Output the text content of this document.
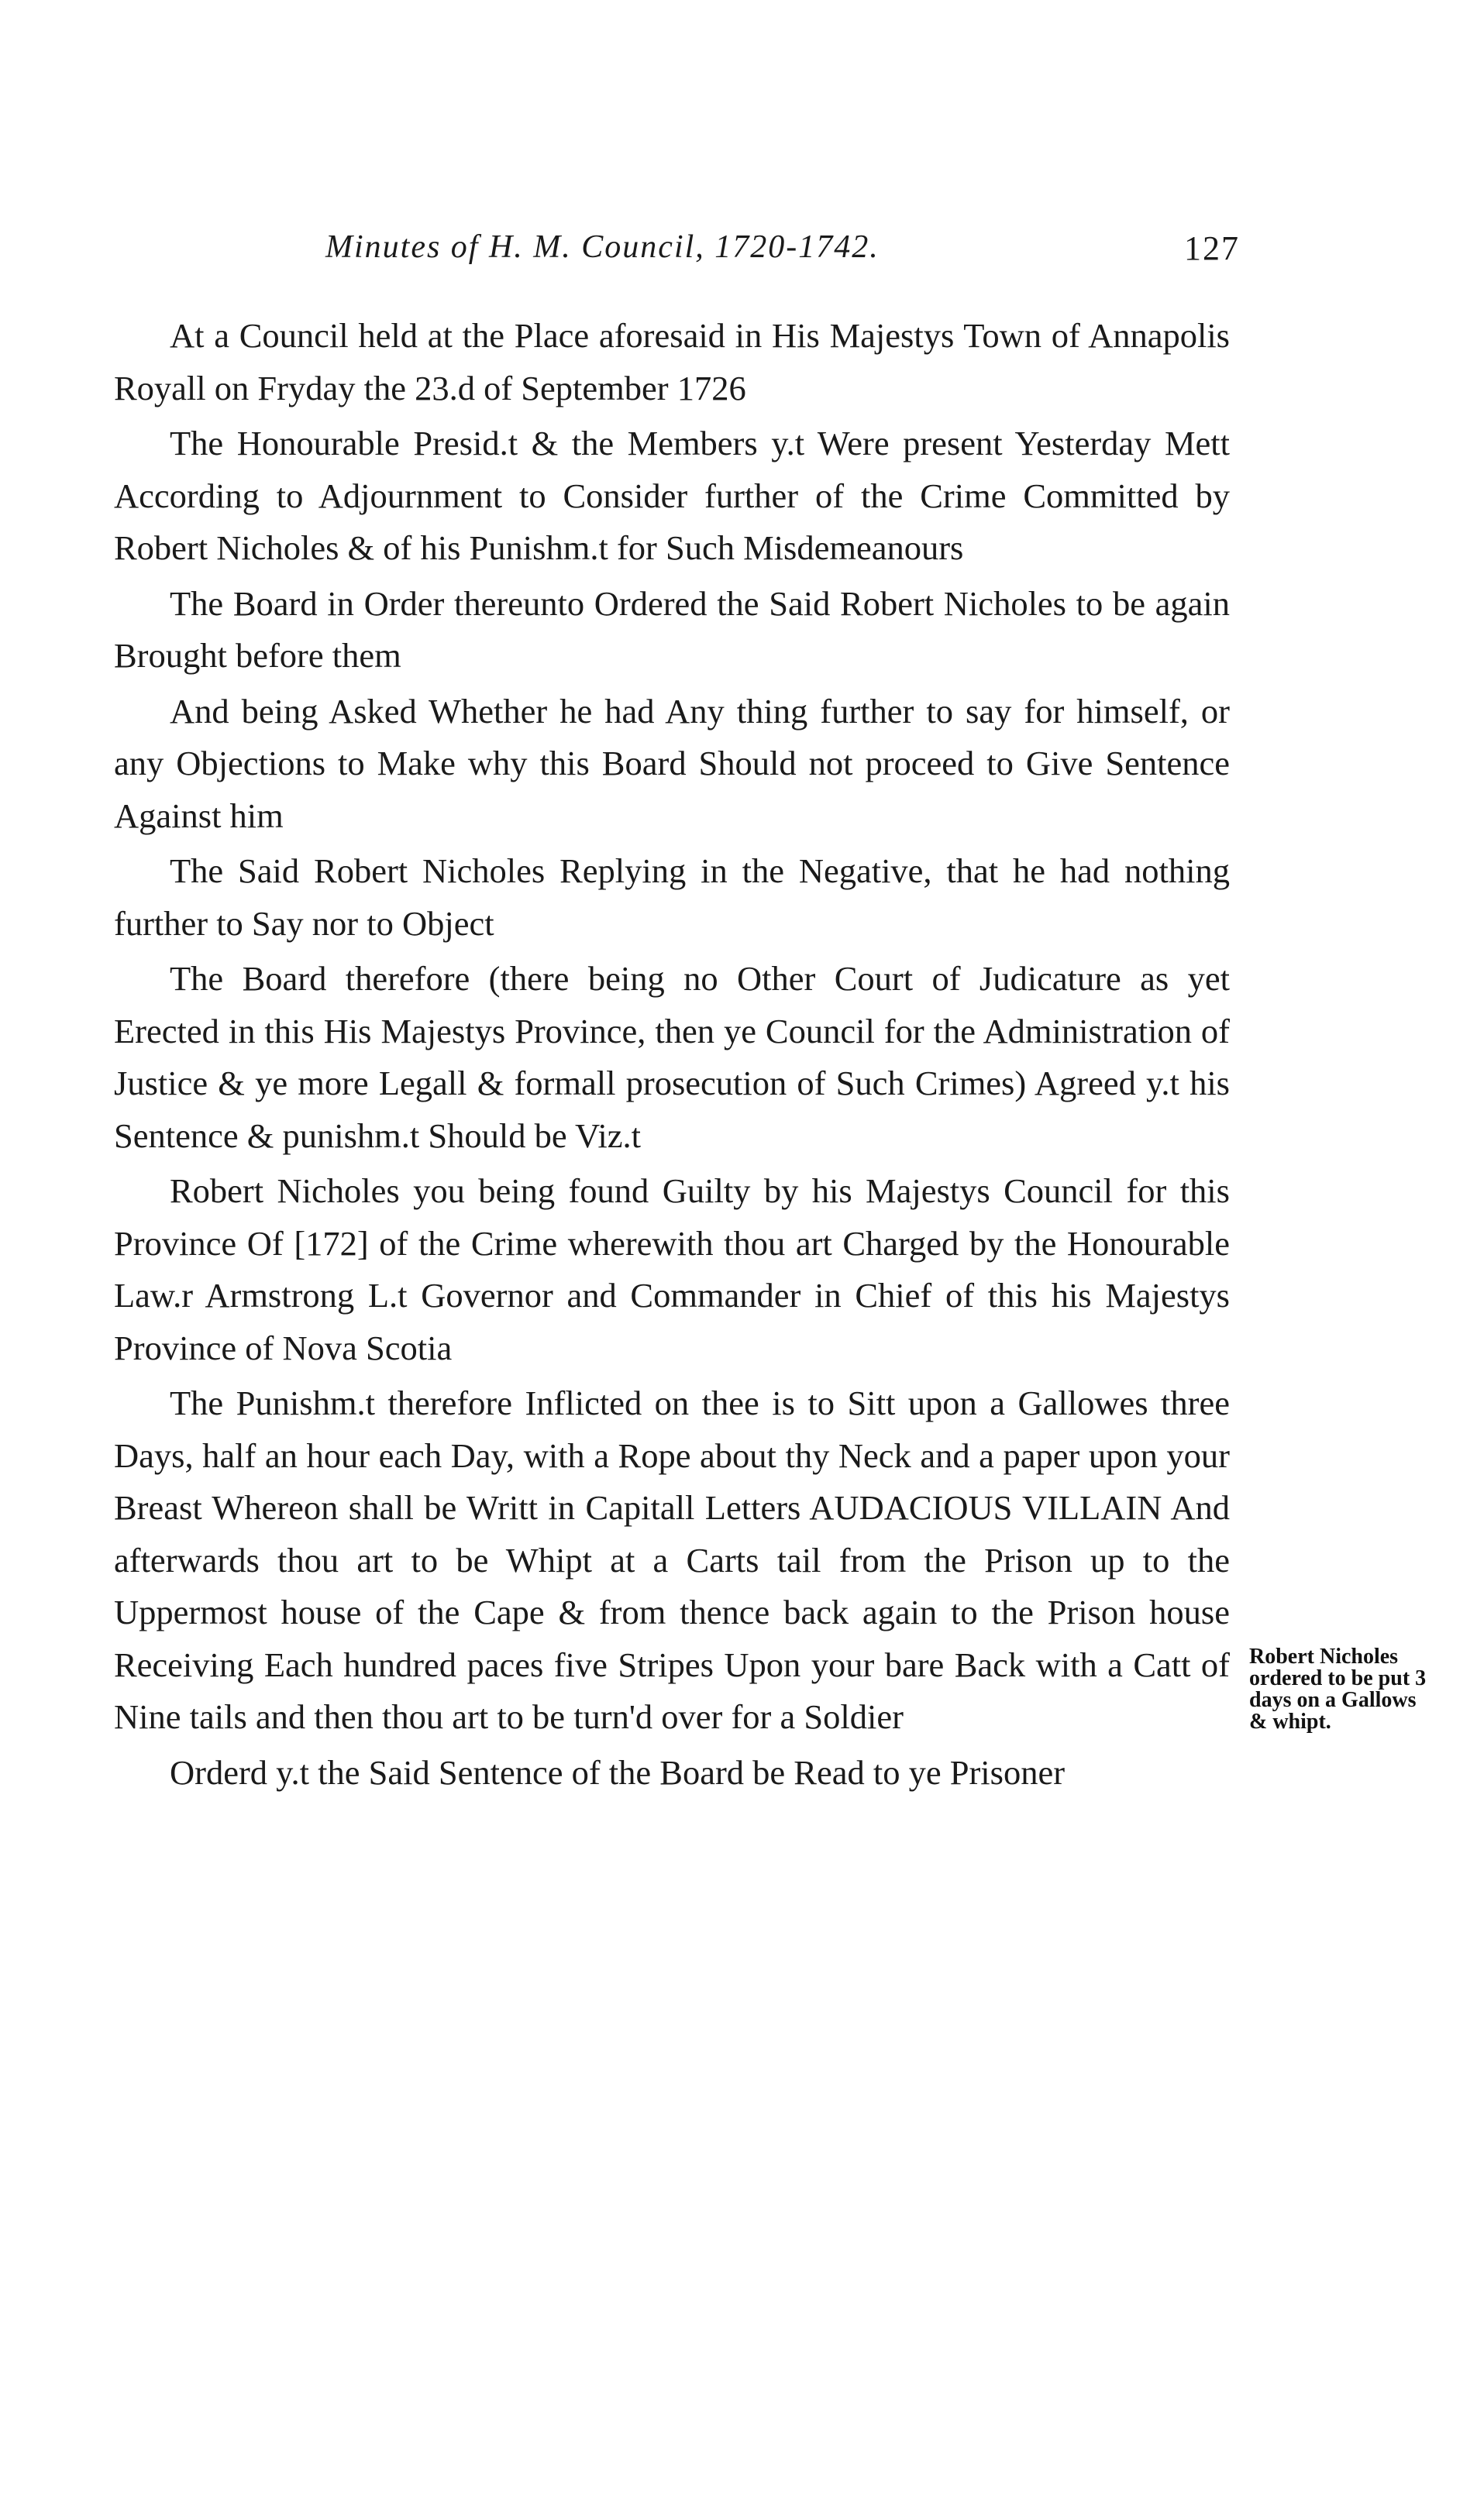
Minutes of H. M. Council, 1720-1742.	127

At a Council held at the Place aforesaid in His Majestys Town of Annapolis Royall on Fryday the 23.d of September 1726

The Honourable Presid.t & the Members y.t Were present Yesterday Mett According to Adjournment to Consider further of the Crime Committed by Robert Nicholes & of his Punishm.t for Such Misdemeanours

The Board in Order thereunto Ordered the Said Robert Nicholes to be again Brought before them

And being Asked Whether he had Any thing further to say for himself, or any Objections to Make why this Board Should not proceed to Give Sentence Against him

The Said Robert Nicholes Replying in the Negative, that he had nothing further to Say nor to Object

The Board therefore (there being no Other Court of Judicature as yet Erected in this His Majestys Province, then ye Council for the Administration of Justice & ye more Legall & formall prosecution of Such Crimes) Agreed y.t his Sentence & punishm.t Should be Viz.t

Robert Nicholes you being found Guilty by his Majestys Council for this Province Of [172] of the Crime wherewith thou art Charged by the Honourable Law.r Armstrong L.t Governor and Commander in Chief of this his Majestys Province of Nova Scotia

The Punishm.t therefore Inflicted on thee is to Sitt upon a Gallowes three Days, half an hour each Day, with a Rope about thy Neck and a paper upon your Breast Whereon shall be Writt in Capitall Letters AUDACIOUS VILLAIN And afterwards thou art to be Whipt at a Carts tail from the Prison up to the Uppermost house of the Cape & from thence back again to the Prison house Receiving Each hundred paces five Stripes Upon your bare Back with a Catt of Nine tails and then thou art to be turn'd over for a Soldier

Orderd y.t the Said Sentence of the Board be Read to ye Prisoner

Robert Nicholes ordered to be put 3 days on a Gallows & whipt.
